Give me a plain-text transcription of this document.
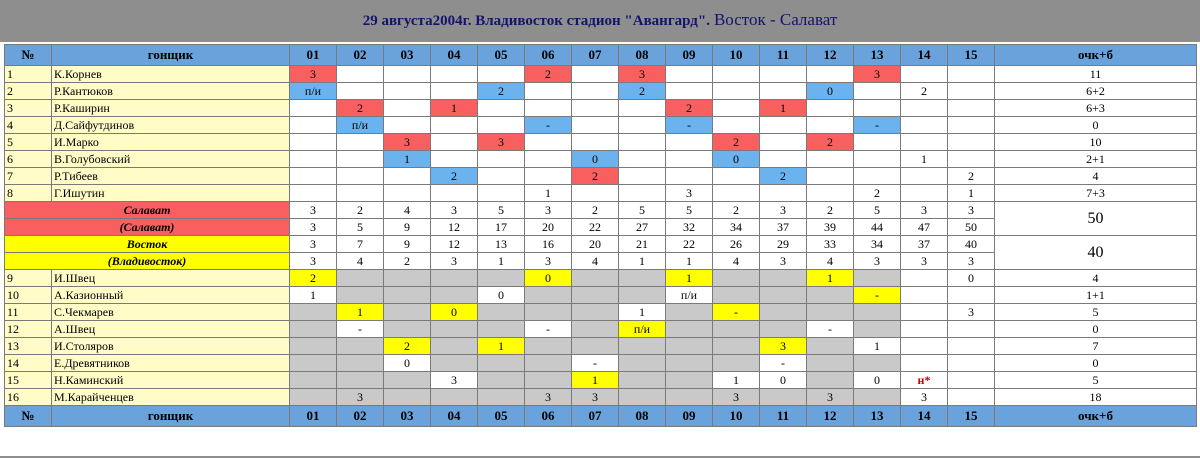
29 августа2004г. Владивосток стадион "Авангард". Восток - Салават
№	гонщик	01	02	03	04	05	06	07	08	09	10	11	12	13	14	15	очк+б
1	К.Корнев	3					2		3					3			11
2	Р.Кантюков	п/и				2			2				0		2		6+2
3	Р.Каширин		2		1					2		1					6+3
4	Д.Сайфутдинов		п/и				-			-				-			0
5	И.Марко			3		3					2		2				10
6	В.Голубовский			1				0			0				1		2+1
7	Р.Тибеев				2			2				2				2	4
8	Г.Ишутин						1			3				2		1	7+3
Салават		3	2	4	3	5	3	2	5	5	2	3	2	5	3	3	50
(Салават)		3	5	9	12	17	20	22	27	32	34	37	39	44	47	50	
Восток		3	7	9	12	13	16	20	21	22	26	29	33	34	37	40	40
(Владивосток)		3	4	2	3	1	3	4	1	1	4	3	4	3	3	3	
9	И.Швец	2					0			1			1			0	4
10	А.Казионный	1				0				п/и				-			1+1
11	С.Чекмарев		1		0				1		-					3	5
12	А.Швец		-				-		п/и				-				0
13	И.Столяров			2		1						3		1			7
14	Е.Древятников			0				-				-					0
15	Н.Каминский				3			1			1	0		0	н*		5
16	М.Карайченцев		3				3	3			3		3		3		18
№	гонщик	01	02	03	04	05	06	07	08	09	10	11	12	13	14	15	очк+б
